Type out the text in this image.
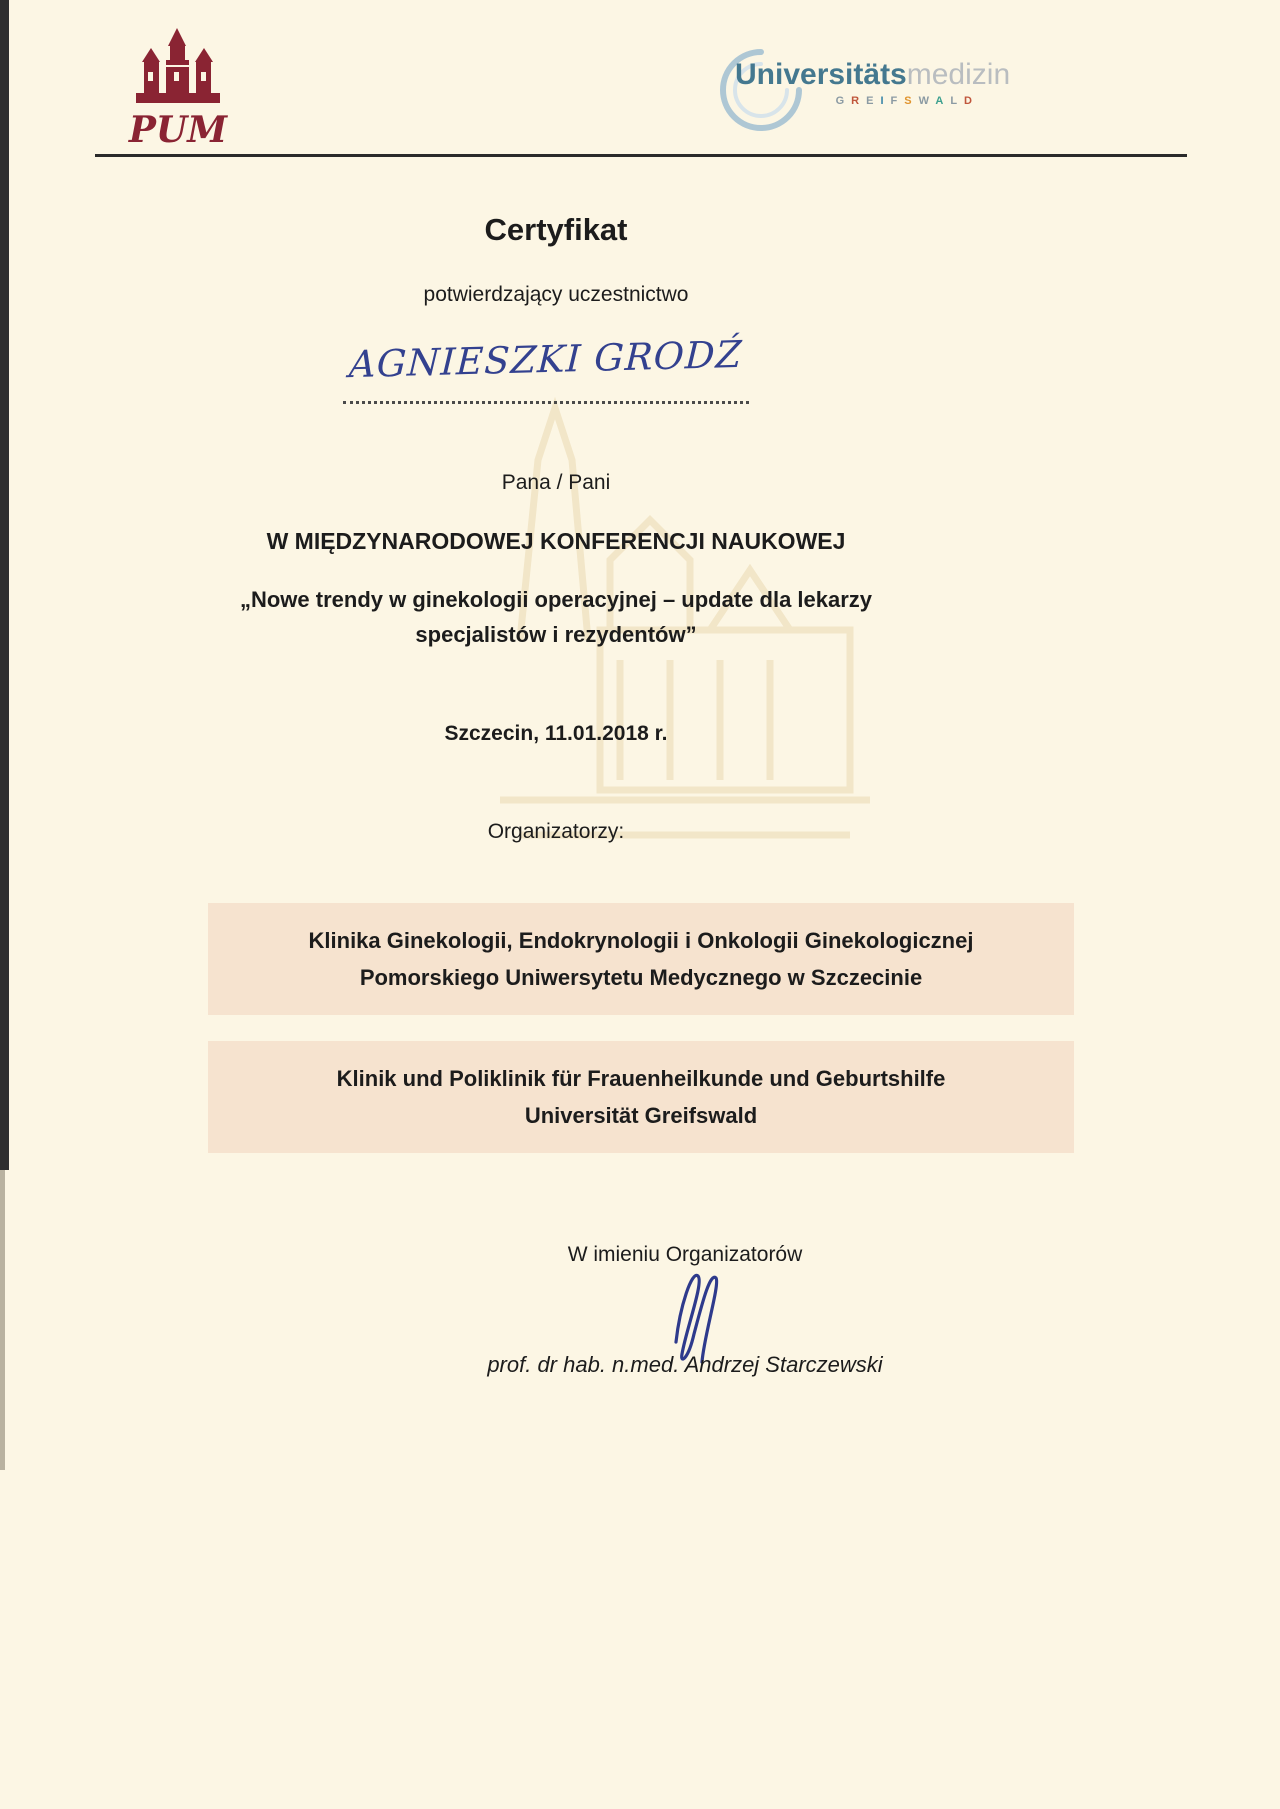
PUM
Universitätsmedizin
GREIFSWALD
Certyfikat
potwierdzający uczestnictwo
AGNIESZKI GRODŹ
Pana / Pani
W MIĘDZYNARODOWEJ KONFERENCJI NAUKOWEJ
„Nowe trendy w ginekologii operacyjnej – update dla lekarzy
specjalistów i rezydentów”
Szczecin, 11.01.2018 r.
Organizatorzy:
Klinika Ginekologii, Endokrynologii i Onkologii Ginekologicznej
Pomorskiego Uniwersytetu Medycznego w Szczecinie
Klinik und Poliklinik für Frauenheilkunde und Geburtshilfe
Universität Greifswald
W imieniu Organizatorów
prof. dr hab. n.med. Andrzej Starczewski
